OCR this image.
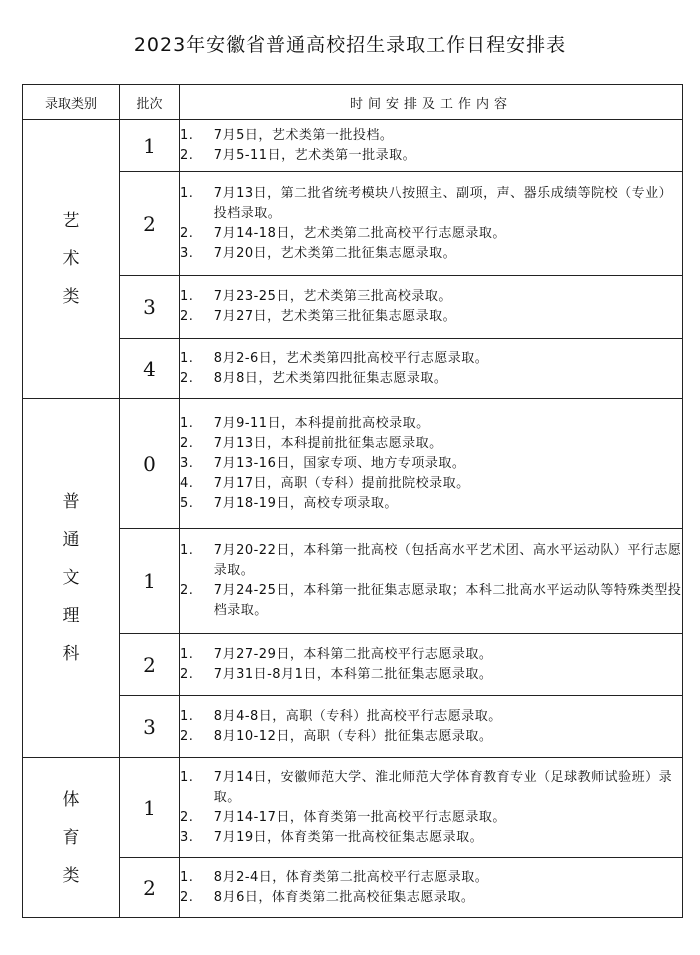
2023年安徽省普通高校招生录取工作日程安排表
录取类别	批次	时间安排及工作内容

艺
术
类	1	1. 7月5日，艺术类第一批投档。
2. 7月5-11日，艺术类第一批录取。

	2	1. 7月13日，第二批省统考模块八按照主、副项，声、器乐成绩等院校（专业）投档录取。
2. 7月14-18日，艺术类第二批高校平行志愿录取。
3. 7月20日，艺术类第二批征集志愿录取。

	3	1. 7月23-25日，艺术类第三批高校录取。
2. 7月27日，艺术类第三批征集志愿录取。

	4	1. 8月2-6日，艺术类第四批高校平行志愿录取。
2. 8月8日，艺术类第四批征集志愿录取。

普
通
文
理
科	0	1. 7月9-11日，本科提前批高校录取。
2. 7月13日，本科提前批征集志愿录取。
3. 7月13-16日，国家专项、地方专项录取。
4. 7月17日，高职（专科）提前批院校录取。
5. 7月18-19日，高校专项录取。

	1	1. 7月20-22日，本科第一批高校（包括高水平艺术团、高水平运动队）平行志愿录取。
2. 7月24-25日，本科第一批征集志愿录取；本科二批高水平运动队等特殊类型投档录取。

	2	1. 7月27-29日，本科第二批高校平行志愿录取。
2. 7月31日-8月1日，本科第二批征集志愿录取。

	3	1. 8月4-8日，高职（专科）批高校平行志愿录取。
2. 8月10-12日，高职（专科）批征集志愿录取。

体
育
类	1	1. 7月14日，安徽师范大学、淮北师范大学体育教育专业（足球教师试验班）录取。
2. 7月14-17日，体育类第一批高校平行志愿录取。
3. 7月19日，体育类第一批高校征集志愿录取。

	2	1. 8月2-4日，体育类第二批高校平行志愿录取。
2. 8月6日，体育类第二批高校征集志愿录取。
